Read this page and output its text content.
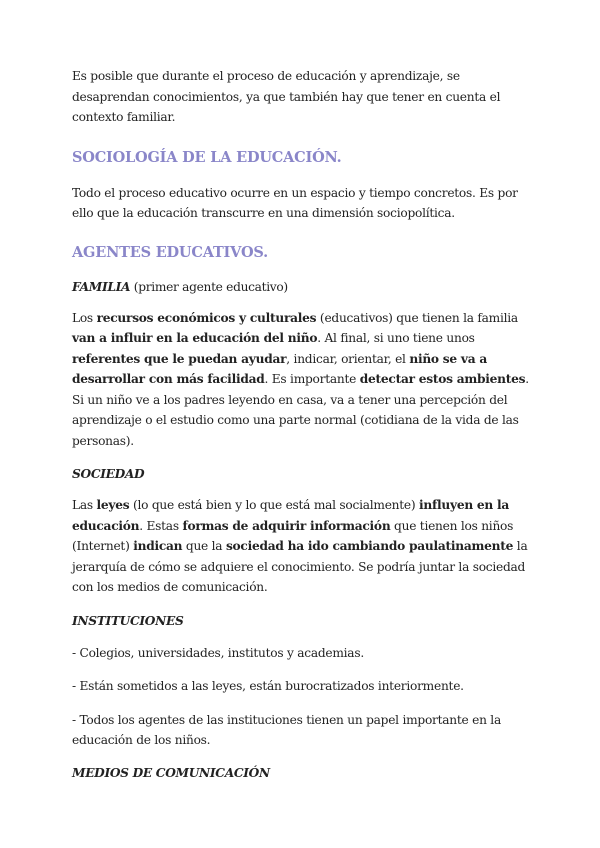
Es posible que durante el proceso de educación y aprendizaje, se desaprendan conocimientos, ya que también hay que tener en cuenta el contexto familiar.

SOCIOLOGÍA DE LA EDUCACIÓN.

Todo el proceso educativo ocurre en un espacio y tiempo concretos. Es por ello que la educación transcurre en una dimensión sociopolítica.

AGENTES EDUCATIVOS.

FAMILIA (primer agente educativo)

Los recursos económicos y culturales (educativos) que tienen la familia van a influir en la educación del niño. Al final, si uno tiene unos referentes que le puedan ayudar, indicar, orientar, el niño se va a desarrollar con más facilidad. Es importante detectar estos ambientes. Si un niño ve a los padres leyendo en casa, va a tener una percepción del aprendizaje o el estudio como una parte normal (cotidiana de la vida de las personas).

SOCIEDAD

Las leyes (lo que está bien y lo que está mal socialmente) influyen en la educación. Estas formas de adquirir información que tienen los niños (Internet) indican que la sociedad ha ido cambiando paulatinamente la jerarquía de cómo se adquiere el conocimiento. Se podría juntar la sociedad con los medios de comunicación.

INSTITUCIONES

- Colegios, universidades, institutos y academias.

- Están sometidos a las leyes, están burocratizados interiormente.

- Todos los agentes de las instituciones tienen un papel importante en la educación de los niños.

MEDIOS DE COMUNICACIÓN
